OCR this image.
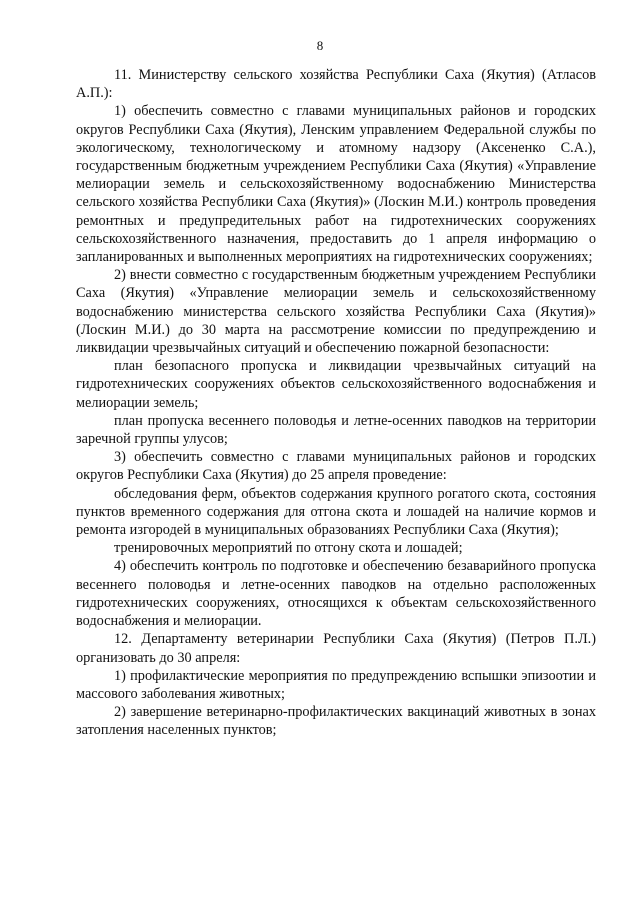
8

11. Министерству сельского хозяйства Республики Саха (Якутия) (Атласов А.П.):

1) обеспечить совместно с главами муниципальных районов и городских округов Республики Саха (Якутия), Ленским управлением Федеральной службы по экологическому, технологическому и атомному надзору (Аксененко С.А.), государственным бюджетным учреждением Республики Саха (Якутия) «Управление мелиорации земель и сельскохозяйственному водоснабжению Министерства сельского хозяйства Республики Саха (Якутия)» (Лоскин М.И.) контроль проведения ремонтных и предупредительных работ на гидротехнических сооружениях сельскохозяйственного назначения, предоставить до 1 апреля информацию о запланированных и выполненных мероприятиях на гидротехнических сооружениях;

2) внести совместно с государственным бюджетным учреждением Республики Саха (Якутия) «Управление мелиорации земель и сельскохозяйственному водоснабжению министерства сельского хозяйства Республики Саха (Якутия)» (Лоскин М.И.) до 30 марта на рассмотрение комиссии по предупреждению и ликвидации чрезвычайных ситуаций и обеспечению пожарной безопасности:

план безопасного пропуска и ликвидации чрезвычайных ситуаций на гидротехнических сооружениях объектов сельскохозяйственного водоснабжения и мелиорации земель;

план пропуска весеннего половодья и летне-осенних паводков на территории заречной группы улусов;

3) обеспечить совместно с главами муниципальных районов и городских округов Республики Саха (Якутия) до 25 апреля проведение:

обследования ферм, объектов содержания крупного рогатого скота, состояния пунктов временного содержания для отгона скота и лошадей на наличие кормов и ремонта изгородей в муниципальных образованиях Республики Саха (Якутия);

тренировочных мероприятий по отгону скота и лошадей;

4) обеспечить контроль по подготовке и обеспечению безаварийного пропуска весеннего половодья и летне-осенних паводков на отдельно расположенных гидротехнических сооружениях, относящихся к объектам сельскохозяйственного водоснабжения и мелиорации.

12. Департаменту ветеринарии Республики Саха (Якутия) (Петров П.Л.) организовать до 30 апреля:

1) профилактические мероприятия по предупреждению вспышки эпизоотии и массового заболевания животных;

2) завершение ветеринарно-профилактических вакцинаций животных в зонах затопления населенных пунктов;
